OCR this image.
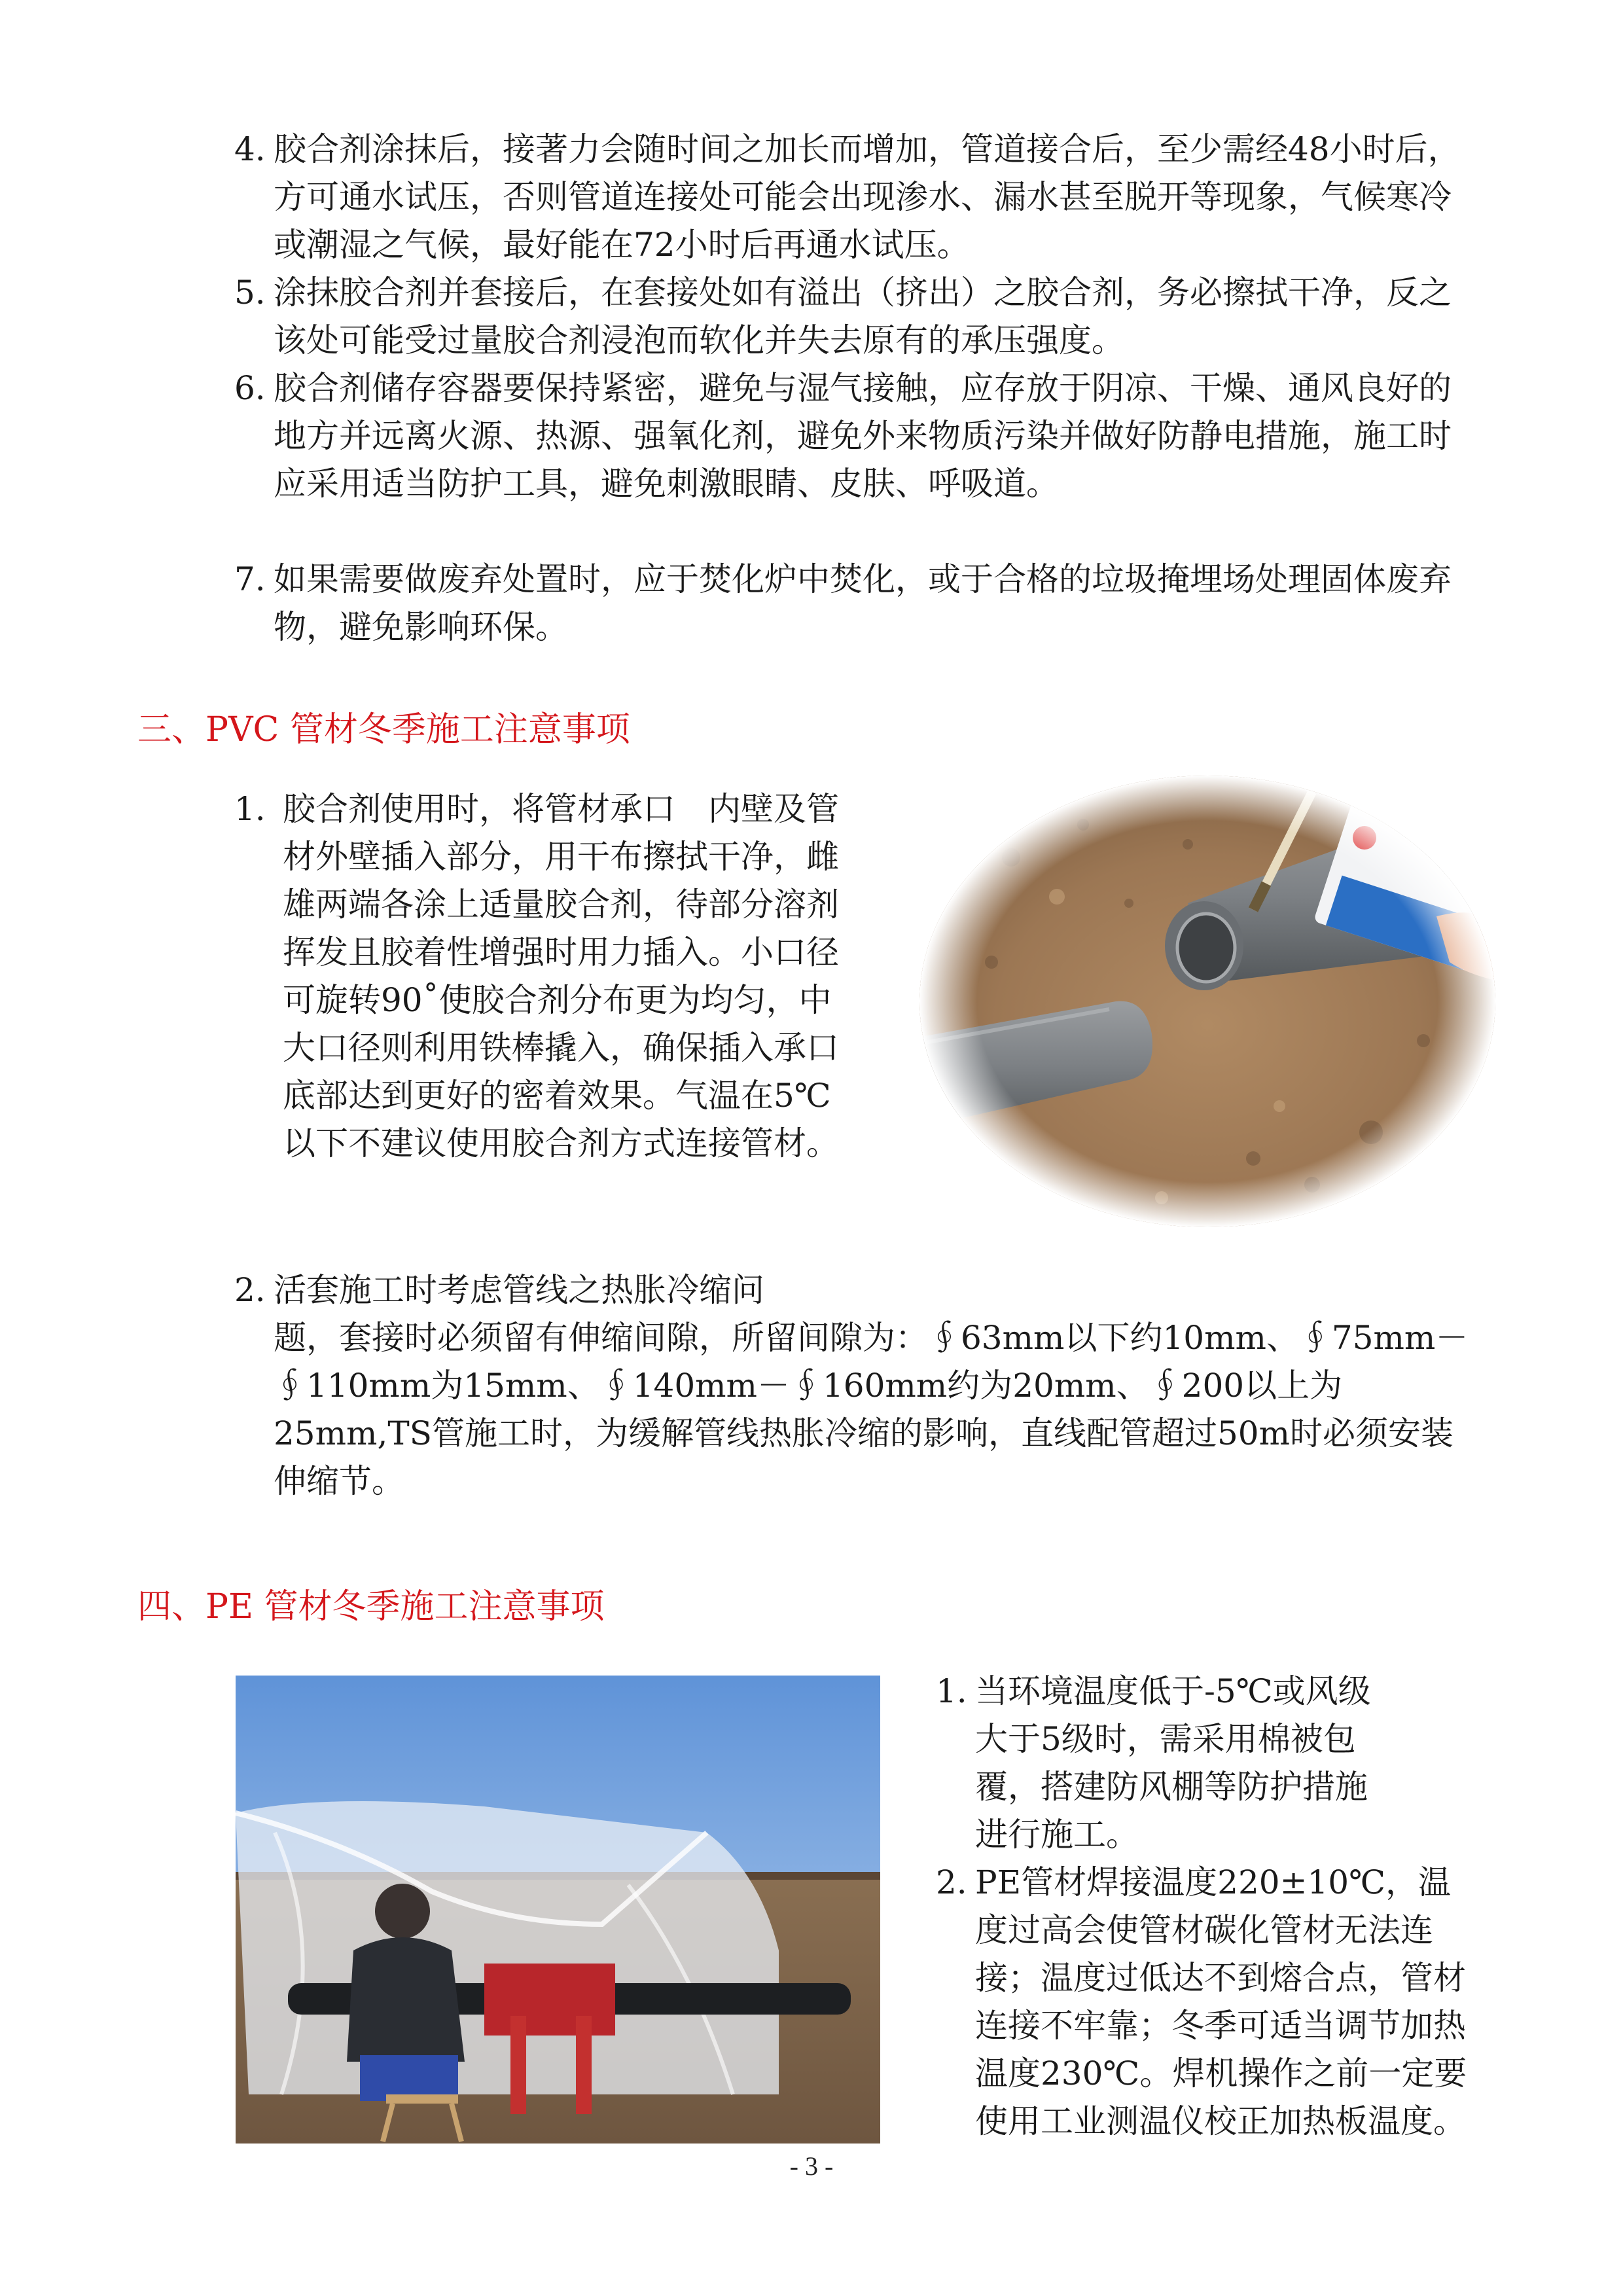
4. 胶合剂涂抹后，接著力会随时间之加长而增加，管道接合后，至少需经48小时后，方可通水试压，否则管道连接处可能会出现渗水、漏水甚至脱开等现象，气候寒冷或潮湿之气候，最好能在72小时后再通水试压。
5. 涂抹胶合剂并套接后，在套接处如有溢出（挤出）之胶合剂，务必擦拭干净，反之该处可能受过量胶合剂浸泡而软化并失去原有的承压强度。
6. 胶合剂储存容器要保持紧密，避免与湿气接触，应存放于阴凉、干燥、通风良好的地方并远离火源、热源、强氧化剂，避免外来物质污染并做好防静电措施，施工时应采用适当防护工具，避免刺激眼睛、皮肤、呼吸道。
7. 如果需要做废弃处置时，应于焚化炉中焚化，或于合格的垃圾掩埋场处理固体废弃物，避免影响环保。
三、PVC 管材冬季施工注意事项
1. 胶合剂使用时，将管材承口　内壁及管材外壁插入部分，用干布擦拭干净，雌雄两端各涂上适量胶合剂，待部分溶剂挥发且胶着性增强时用力插入。小口径可旋转90˚使胶合剂分布更为均匀，中大口径则利用铁棒撬入，确保插入承口底部达到更好的密着效果。气温在5℃以下不建议使用胶合剂方式连接管材。
2. 活套施工时考虑管线之热胀冷缩问
题，套接时必须留有伸缩间隙，所留间隙为：∮63mm以下约10mm、∮75mm－∮110mm为15mm、∮140mm－∮160mm约为20mm、∮200以上为25mm,TS管施工时，为缓解管线热胀冷缩的影响，直线配管超过50m时必须安装伸缩节。
四、PE 管材冬季施工注意事项
1. 当环境温度低于-5℃或风级大于5级时，需采用棉被包覆，搭建防风棚等防护措施进行施工。
2. PE管材焊接温度220±10℃，温度过高会使管材碳化管材无法连接；温度过低达不到熔合点，管材连接不牢靠；冬季可适当调节加热温度230℃。焊机操作之前一定要使用工业测温仪校正加热板温度。
- 3 -
